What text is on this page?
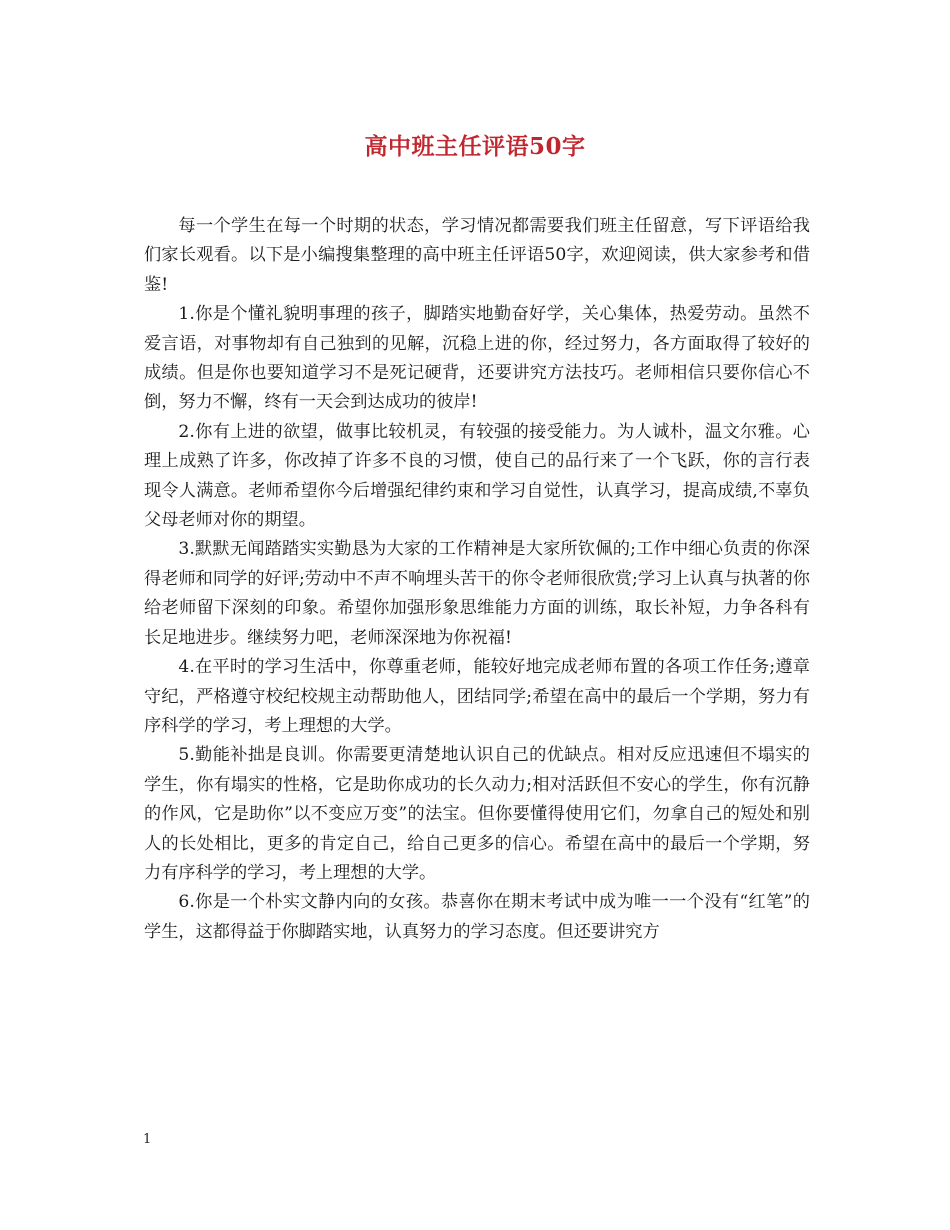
高中班主任评语50字

每一个学生在每一个时期的状态，学习情况都需要我们班主任留意，写下评语给我们家长观看。以下是小编搜集整理的高中班主任评语50字，欢迎阅读，供大家参考和借鉴!

1.你是个懂礼貌明事理的孩子，脚踏实地勤奋好学，关心集体，热爱劳动。虽然不爱言语，对事物却有自己独到的见解，沉稳上进的你，经过努力，各方面取得了较好的成绩。但是你也要知道学习不是死记硬背，还要讲究方法技巧。老师相信只要你信心不倒，努力不懈，终有一天会到达成功的彼岸!

2.你有上进的欲望，做事比较机灵，有较强的接受能力。为人诚朴，温文尔雅。心理上成熟了许多，你改掉了许多不良的习惯，使自己的品行来了一个飞跃，你的言行表现令人满意。老师希望你今后增强纪律约束和学习自觉性，认真学习，提高成绩,不辜负父母老师对你的期望。

3.默默无闻踏踏实实勤恳为大家的工作精神是大家所钦佩的;工作中细心负责的你深得老师和同学的好评;劳动中不声不响埋头苦干的你令老师很欣赏;学习上认真与执著的你给老师留下深刻的印象。希望你加强形象思维能力方面的训练，取长补短，力争各科有长足地进步。继续努力吧，老师深深地为你祝福!

4.在平时的学习生活中，你尊重老师，能较好地完成老师布置的各项工作任务;遵章守纪，严格遵守校纪校规主动帮助他人，团结同学;希望在高中的最后一个学期，努力有序科学的学习，考上理想的大学。

5.勤能补拙是良训。你需要更清楚地认识自己的优缺点。相对反应迅速但不塌实的学生，你有塌实的性格，它是助你成功的长久动力;相对活跃但不安心的学生，你有沉静的作风，它是助你”以不变应万变”的法宝。但你要懂得使用它们，勿拿自己的短处和别人的长处相比，更多的肯定自己，给自己更多的信心。希望在高中的最后一个学期，努力有序科学的学习，考上理想的大学。

6.你是一个朴实文静内向的女孩。恭喜你在期末考试中成为唯一一个没有“红笔”的学生，这都得益于你脚踏实地，认真努力的学习态度。但还要讲究方

1
